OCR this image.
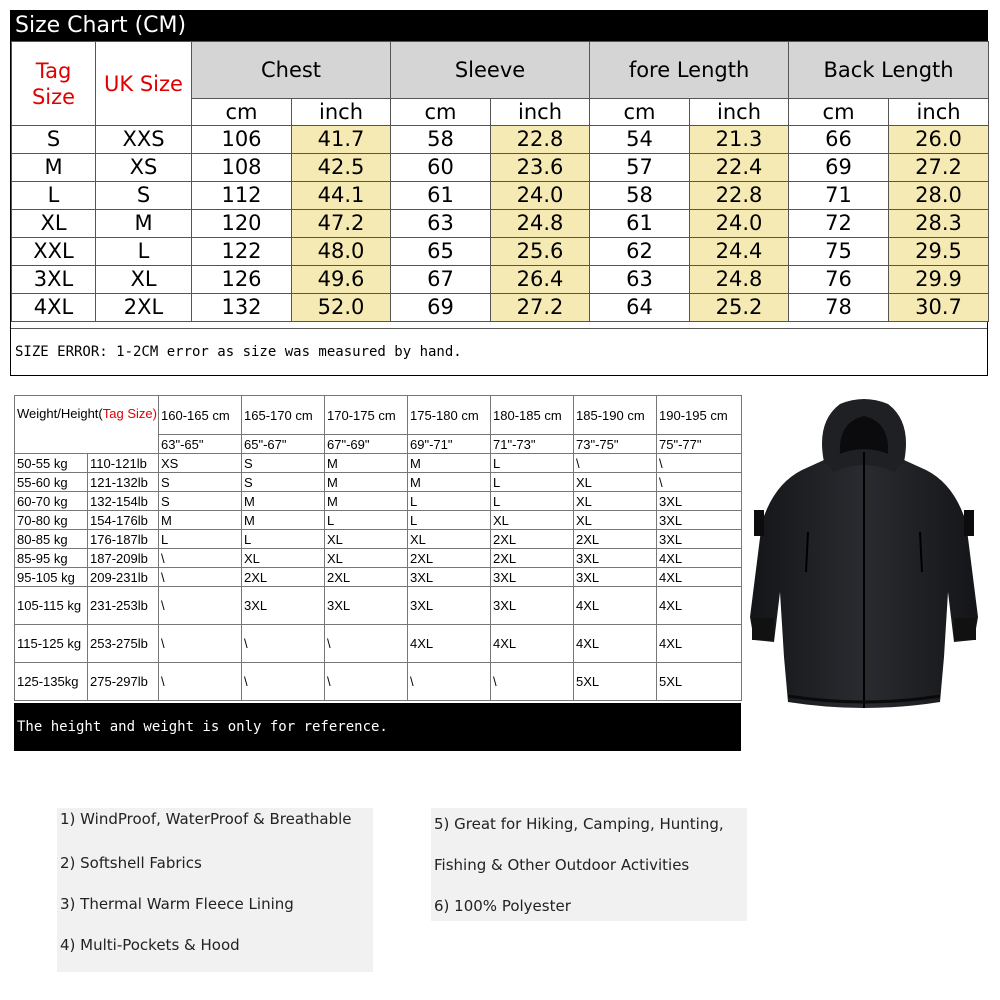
Size Chart (CM)
Tag Size	UK Size	Chest		Sleeve		fore Length		Back Length	
		cm	inch	cm	inch	cm	inch	cm	inch
S	XXS	106	41.7	58	22.8	54	21.3	66	26.0
M	XS	108	42.5	60	23.6	57	22.4	69	27.2
L	S	112	44.1	61	24.0	58	22.8	71	28.0
XL	M	120	47.2	63	24.8	61	24.0	72	28.3
XXL	L	122	48.0	65	25.6	62	24.4	75	29.5
3XL	XL	126	49.6	67	26.4	63	24.8	76	29.9
4XL	2XL	132	52.0	69	27.2	64	25.2	78	30.7
SIZE ERROR: 1-2CM error as size was measured by hand.
Weight/Height(Tag Size)		160-165 cm	165-170 cm	170-175 cm	175-180 cm	180-185 cm	185-190 cm	190-195 cm
		63"-65"	65"-67"	67"-69"	69"-71"	71"-73"	73"-75"	75"-77"
50-55 kg	110-121lb	XS	S	M	M	L	\	\
55-60 kg	121-132lb	S	S	M	M	L	XL	\
60-70 kg	132-154lb	S	M	M	L	L	XL	3XL
70-80 kg	154-176lb	M	M	L	L	XL	XL	3XL
80-85 kg	176-187lb	L	L	XL	XL	2XL	2XL	3XL
85-95 kg	187-209lb	\	XL	XL	2XL	2XL	3XL	4XL
95-105 kg	209-231lb	\	2XL	2XL	3XL	3XL	3XL	4XL
105-115 kg	231-253lb	\	3XL	3XL	3XL	3XL	4XL	4XL
115-125 kg	253-275lb	\	\	\	4XL	4XL	4XL	4XL
125-135kg	275-297lb	\	\	\	\	\	5XL	5XL
The height and weight is only for reference.
1) WindProof, WaterProof & Breathable
2) Softshell Fabrics
3) Thermal Warm Fleece Lining
4) Multi-Pockets & Hood
5) Great for Hiking, Camping, Hunting,
Fishing & Other Outdoor Activities
6) 100% Polyester
